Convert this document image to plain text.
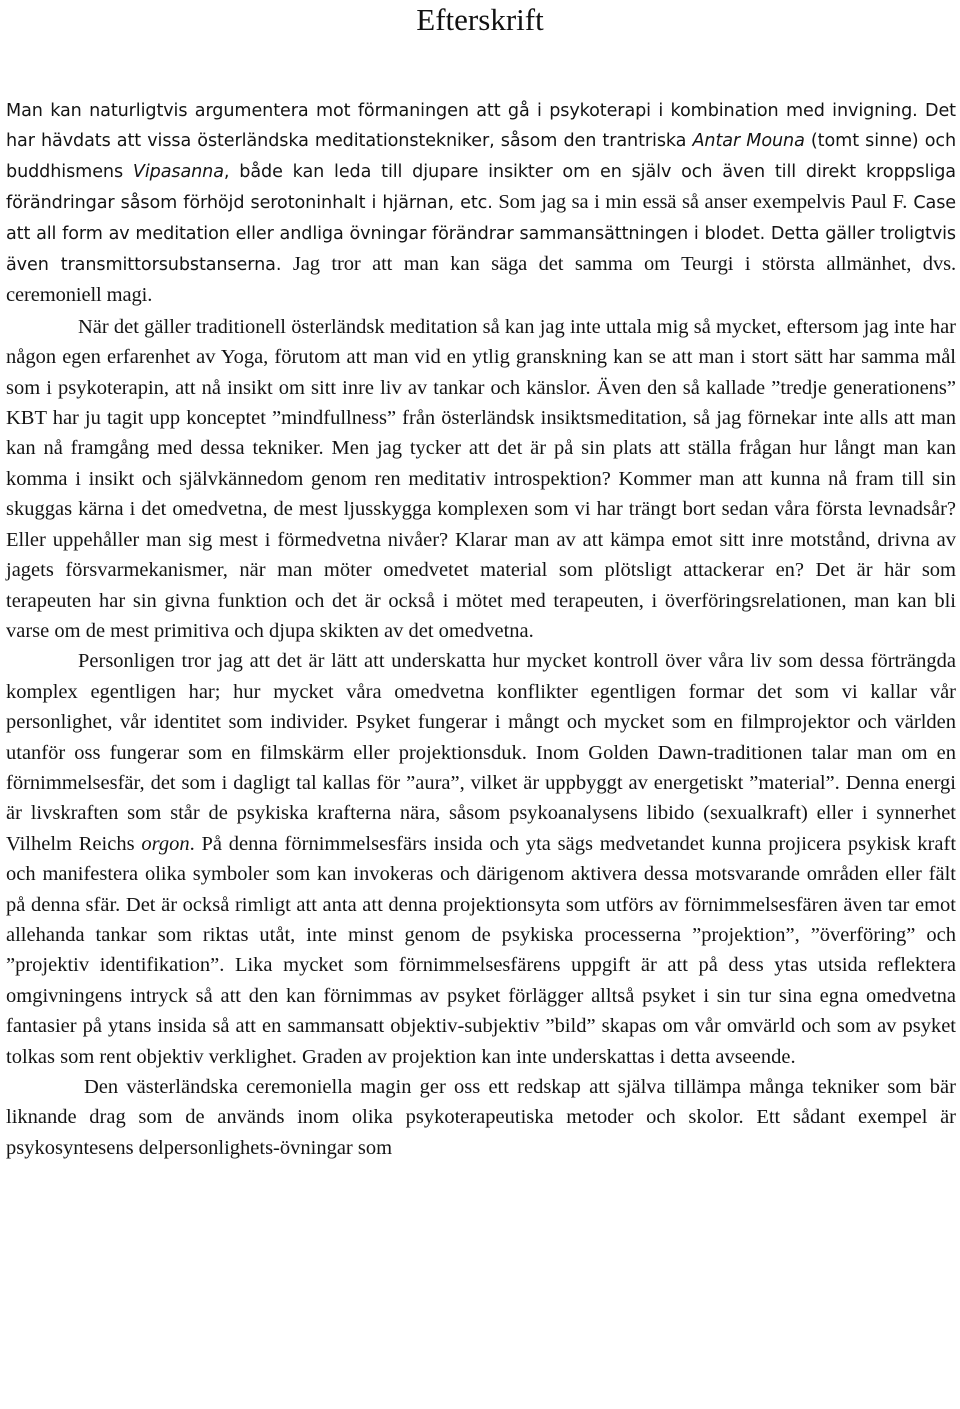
Efterskrift

Man kan naturligtvis argumentera mot förmaningen att gå i psykoterapi i kombination med invigning. Det har hävdats att vissa österländska meditationstekniker, såsom den trantriska Antar Mouna (tomt sinne) och buddhismens Vipasanna, både kan leda till djupare insikter om en själv och även till direkt kroppsliga förändringar såsom förhöjd serotoninhalt i hjärnan, etc. Som jag sa i min essä så anser exempelvis Paul F. Case att all form av meditation eller andliga övningar förändrar sammansättningen i blodet. Detta gäller troligtvis även transmittorsubstanserna. Jag tror att man kan säga det samma om Teurgi i största allmänhet, dvs. ceremoniell magi.

När det gäller traditionell österländsk meditation så kan jag inte uttala mig så mycket, eftersom jag inte har någon egen erfarenhet av Yoga, förutom att man vid en ytlig granskning kan se att man i stort sätt har samma mål som i psykoterapin, att nå insikt om sitt inre liv av tankar och känslor. Även den så kallade ”tredje generationens” KBT har ju tagit upp konceptet ”mindfullness” från österländsk insiktsmeditation, så jag förnekar inte alls att man kan nå framgång med dessa tekniker. Men jag tycker att det är på sin plats att ställa frågan hur långt man kan komma i insikt och självkännedom genom ren meditativ introspektion? Kommer man att kunna nå fram till sin skuggas kärna i det omedvetna, de mest ljusskygga komplexen som vi har trängt bort sedan våra första levnadsår? Eller uppehåller man sig mest i förmedvetna nivåer? Klarar man av att kämpa emot sitt inre motstånd, drivna av jagets försvarmekanismer, när man möter omedvetet material som plötsligt attackerar en? Det är här som terapeuten har sin givna funktion och det är också i mötet med terapeuten, i överföringsrelationen, man kan bli varse om de mest primitiva och djupa skikten av det omedvetna.

Personligen tror jag att det är lätt att underskatta hur mycket kontroll över våra liv som dessa förträngda komplex egentligen har; hur mycket våra omedvetna konflikter egentligen formar det som vi kallar vår personlighet, vår identitet som individer. Psyket fungerar i mångt och mycket som en filmprojektor och världen utanför oss fungerar som en filmskärm eller projektionsduk. Inom Golden Dawn-traditionen talar man om en förnimmelsesfär, det som i dagligt tal kallas för ”aura”, vilket är uppbyggt av energetiskt ”material”. Denna energi är livskraften som står de psykiska krafterna nära, såsom psykoanalysens libido (sexualkraft) eller i synnerhet Vilhelm Reichs orgon. På denna förnimmelsesfärs insida och yta sägs medvetandet kunna projicera psykisk kraft och manifestera olika symboler som kan invokeras och därigenom aktivera dessa motsvarande områden eller fält på denna sfär. Det är också rimligt att anta att denna projektionsyta som utförs av förnimmelsesfären även tar emot allehanda tankar som riktas utåt, inte minst genom de psykiska processerna ”projektion”, ”överföring” och ”projektiv identifikation”. Lika mycket som förnimmelsesfärens uppgift är att på dess ytas utsida reflektera omgivningens intryck så att den kan förnimmas av psyket förlägger alltså psyket i sin tur sina egna omedvetna fantasier på ytans insida så att en sammansatt objektiv-subjektiv ”bild” skapas om vår omvärld och som av psyket tolkas som rent objektiv verklighet. Graden av projektion kan inte underskattas i detta avseende.

Den västerländska ceremoniella magin ger oss ett redskap att själva tillämpa många tekniker som bär liknande drag som de används inom olika psykoterapeutiska metoder och skolor. Ett sådant exempel är psykosyntesens delpersonlighets-övningar som
